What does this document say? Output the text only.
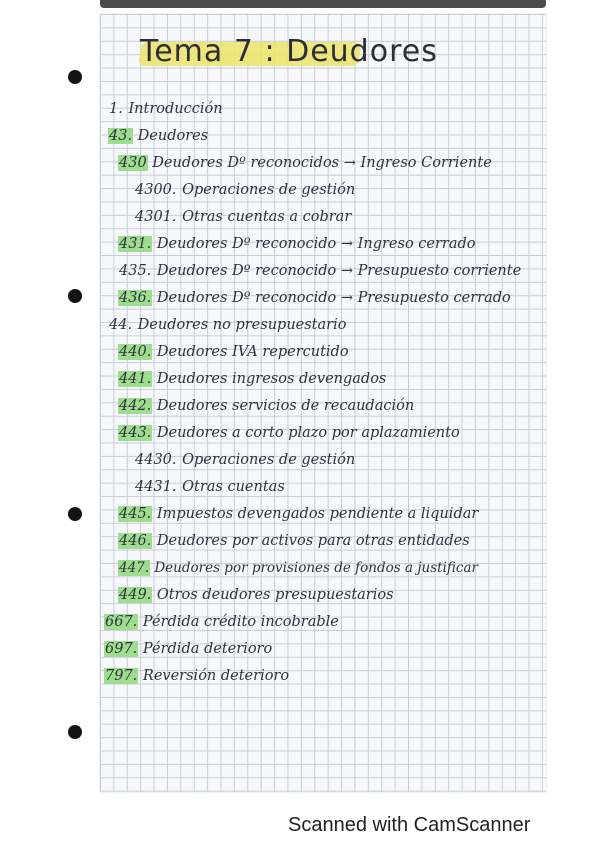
Tema 7 : Deudores
1. Introducción
43. Deudores
430 Deudores Dº reconocidos → Ingreso Corriente
4300. Operaciones de gestión
4301. Otras cuentas a cobrar
431. Deudores Dº reconocido → Ingreso cerrado
435. Deudores Dº reconocido → Presupuesto corriente
436. Deudores Dº reconocido → Presupuesto cerrado
44. Deudores no presupuestario
440. Deudores IVA repercutido
441. Deudores ingresos devengados
442. Deudores servicios de recaudación
443. Deudores a corto plazo por aplazamiento
4430. Operaciones de gestión
4431. Otras cuentas
445. Impuestos devengados pendiente a liquidar
446. Deudores por activos para otras entidades
447. Deudores por provisiones de fondos a justificar
449. Otros deudores presupuestarios
667. Pérdida crédito incobrable
697. Pérdida deterioro
797. Reversión deterioro
Scanned with CamScanner
